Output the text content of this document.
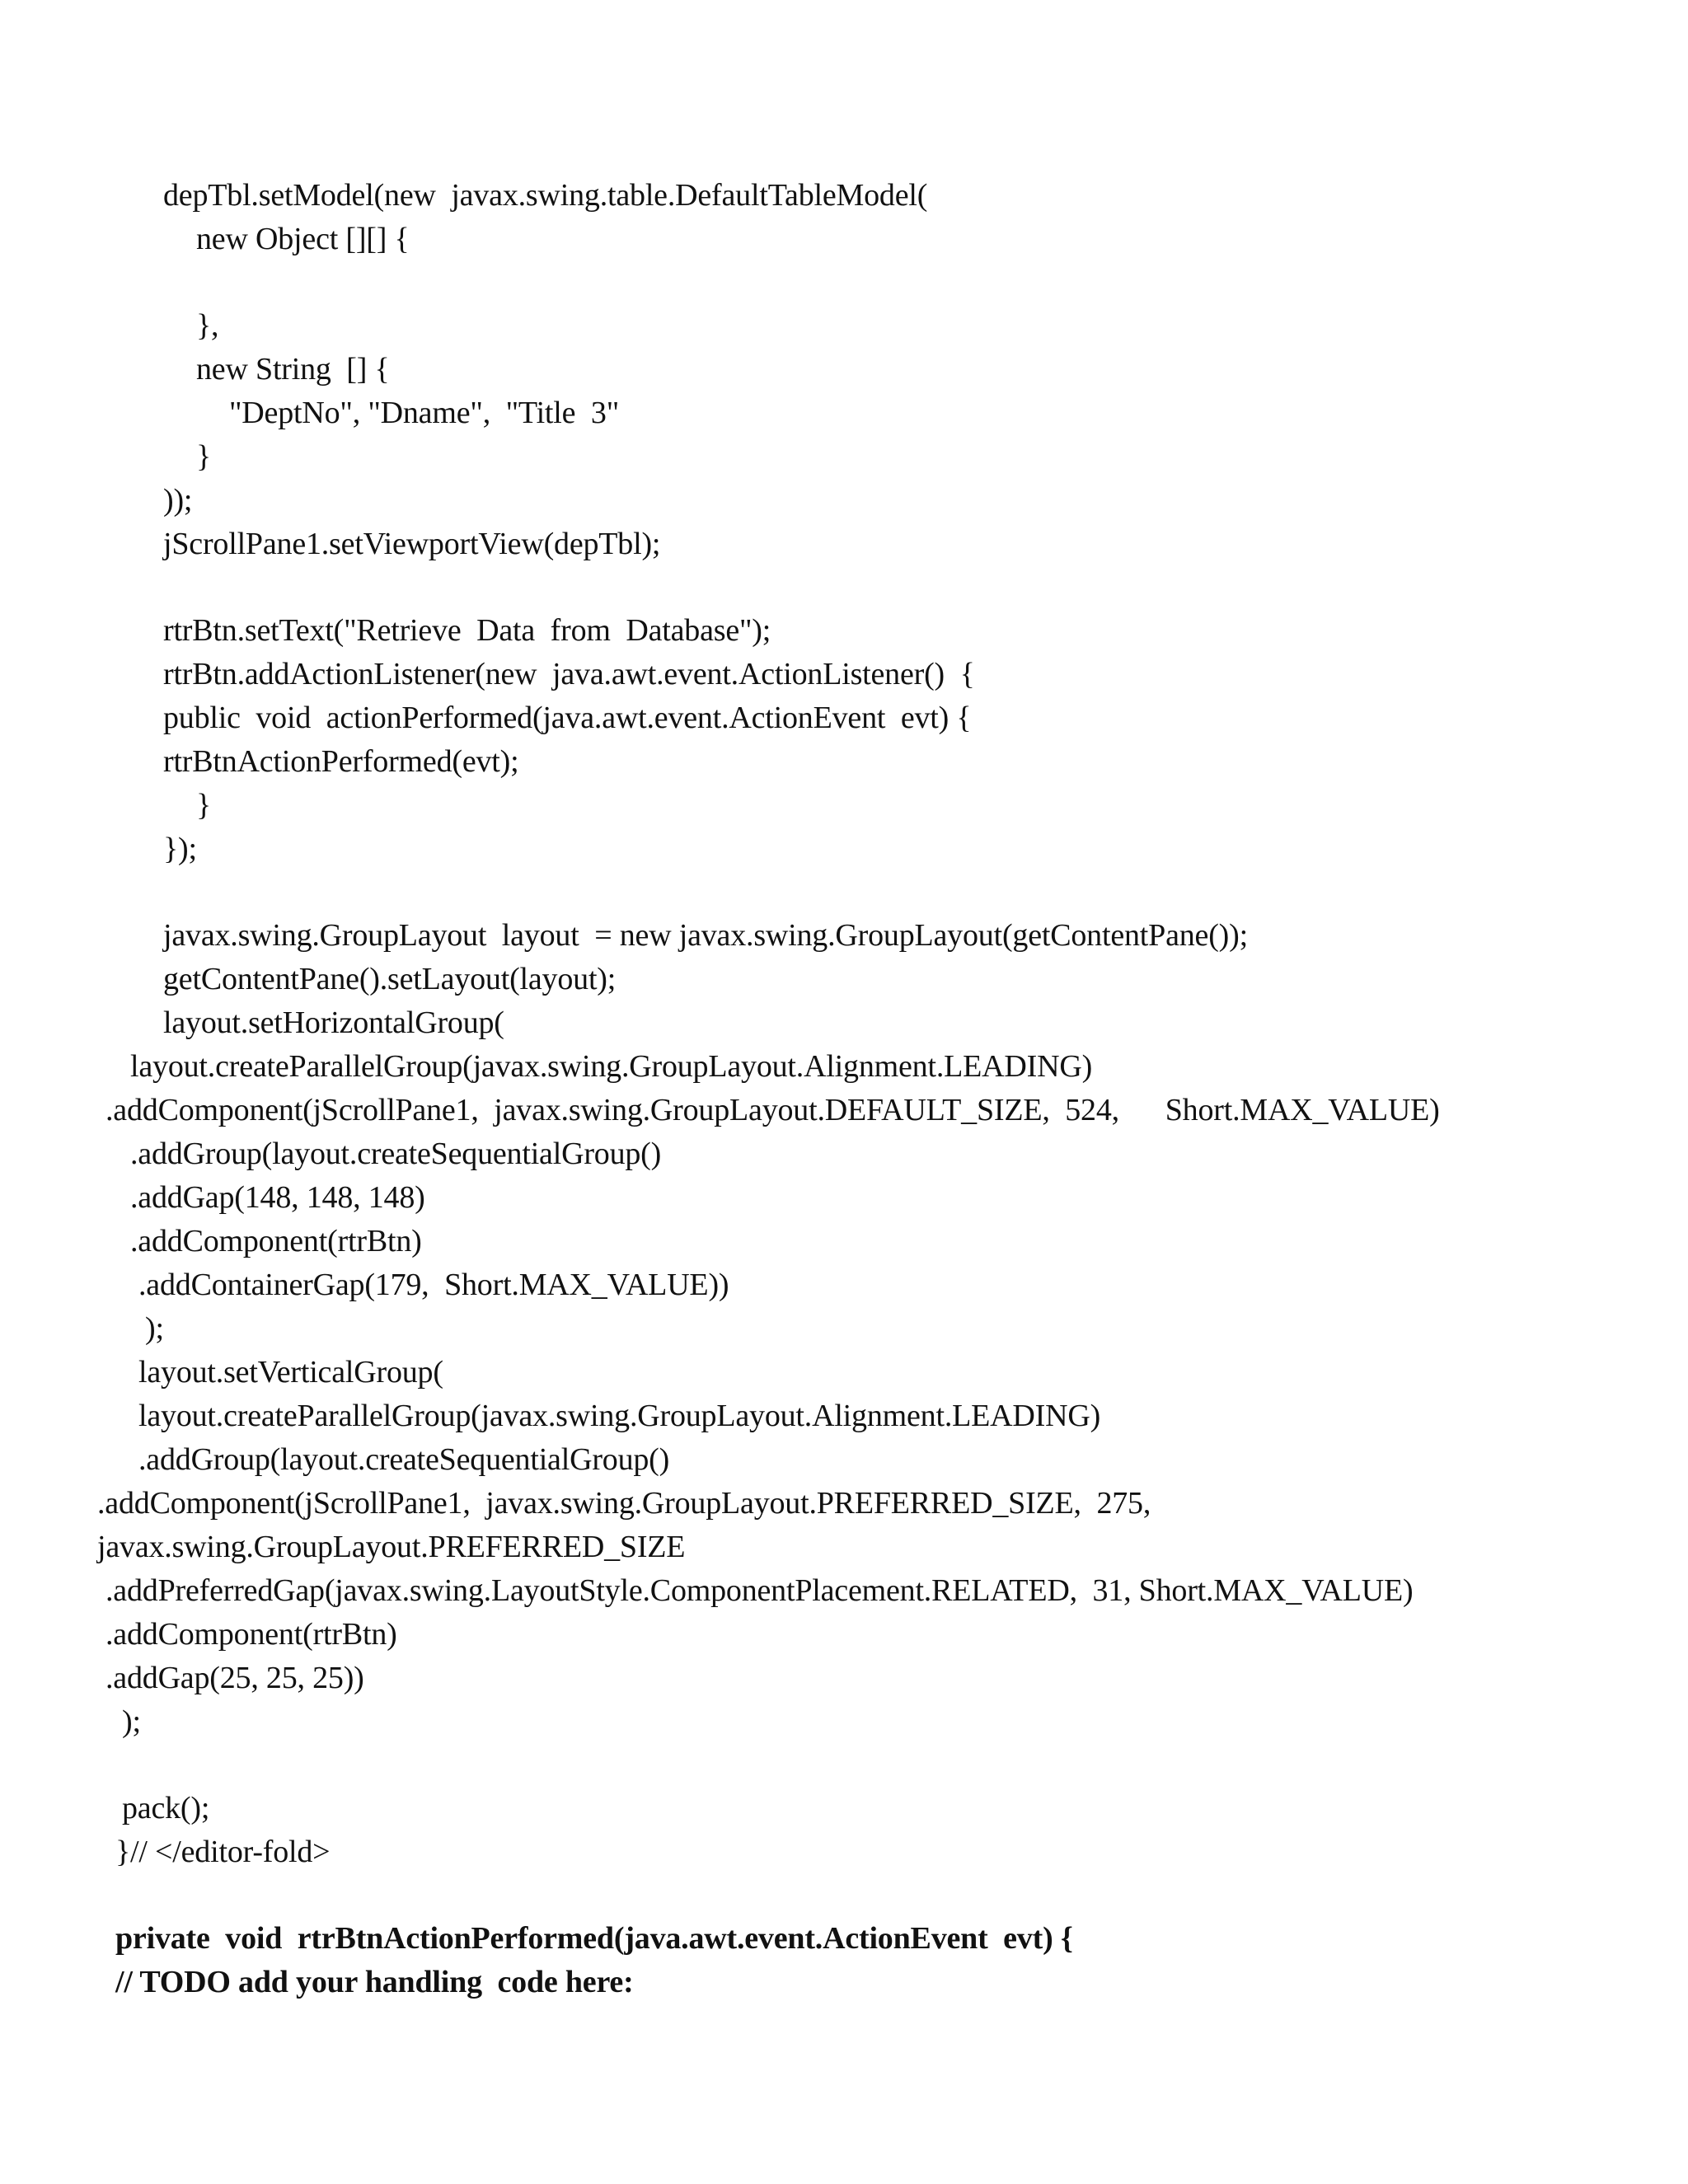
depTbl.setModel(new  javax.swing.table.DefaultTableModel(
new Object [][] {
},
new String  [] {
"DeptNo", "Dname",  "Title  3"
}
));
jScrollPane1.setViewportView(depTbl);
rtrBtn.setText("Retrieve  Data  from  Database");
rtrBtn.addActionListener(new  java.awt.event.ActionListener()  {
public  void  actionPerformed(java.awt.event.ActionEvent  evt) {
rtrBtnActionPerformed(evt);
}
});
javax.swing.GroupLayout  layout  = new javax.swing.GroupLayout(getContentPane());
getContentPane().setLayout(layout);
layout.setHorizontalGroup(
layout.createParallelGroup(javax.swing.GroupLayout.Alignment.LEADING)
.addComponent(jScrollPane1,  javax.swing.GroupLayout.DEFAULT_SIZE,  524,      Short.MAX_VALUE)
.addGroup(layout.createSequentialGroup()
.addGap(148, 148, 148)
.addComponent(rtrBtn)
.addContainerGap(179,  Short.MAX_VALUE))
);
layout.setVerticalGroup(
layout.createParallelGroup(javax.swing.GroupLayout.Alignment.LEADING)
.addGroup(layout.createSequentialGroup()
.addComponent(jScrollPane1,  javax.swing.GroupLayout.PREFERRED_SIZE,  275,
javax.swing.GroupLayout.PREFERRED_SIZE
.addPreferredGap(javax.swing.LayoutStyle.ComponentPlacement.RELATED,  31, Short.MAX_VALUE)
.addComponent(rtrBtn)
.addGap(25, 25, 25))
);
pack();
}// </editor-fold>
private  void  rtrBtnActionPerformed(java.awt.event.ActionEvent  evt) {
// TODO add your handling  code here:
